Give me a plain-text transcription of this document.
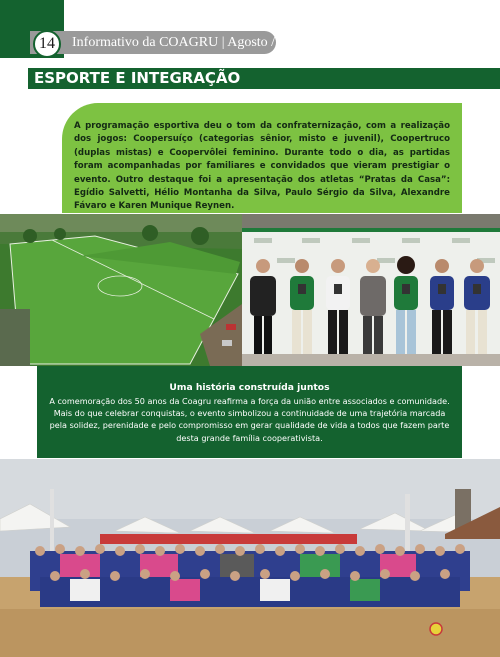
14	Informativo da COAGRU | Agosto / 2025
ESPORTE E INTEGRAÇÃO
A programação esportiva deu o tom da confraternização, com a realização dos jogos: Coopersuíço (categorias sênior, misto e juvenil), Coopertruco (duplas mistas) e Coopervôlei feminino. Durante todo o dia, as partidas foram acompanhadas por familiares e convidados que vieram prestigiar o evento. Outro destaque foi a apresentação dos atletas “Pratas da Casa”: Egídio Salvetti, Hélio Montanha da Silva, Paulo Sérgio da Silva, Alexandre Fávaro e Karen Munique Reynen.
Uma história construída juntos
A comemoração dos 50 anos da Coagru reafirma a força da união entre associados e comunidade. Mais do que celebrar conquistas, o evento simbolizou a continuidade de uma trajetória marcada pela solidez, perenidade e pelo compromisso em gerar qualidade de vida a todos que fazem parte desta grande família cooperativista.
